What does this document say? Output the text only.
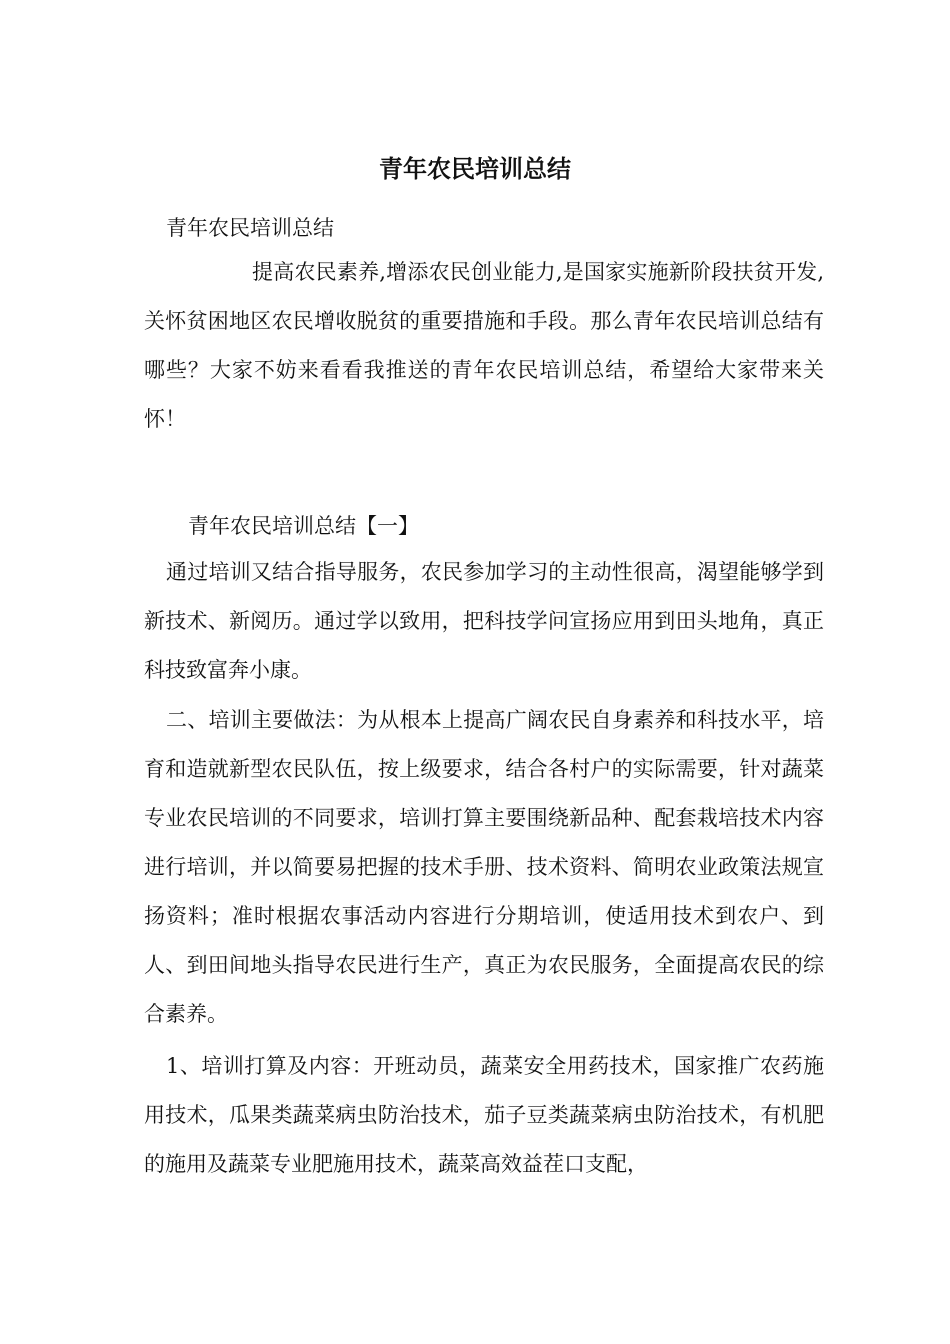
青年农民培训总结
青年农民培训总结
提高农民素养,增添农民创业能力,是国家实施新阶段扶贫开发,关怀贫困地区农民增收脱贫的重要措施和手段。那么青年农民培训总结有哪些？大家不妨来看看我推送的青年农民培训总结，希望给大家带来关怀！
青年农民培训总结【一】
通过培训又结合指导服务，农民参加学习的主动性很高，渴望能够学到新技术、新阅历。通过学以致用，把科技学问宣扬应用到田头地角，真正科技致富奔小康。
二、培训主要做法：为从根本上提高广阔农民自身素养和科技水平，培育和造就新型农民队伍，按上级要求，结合各村户的实际需要，针对蔬菜专业农民培训的不同要求，培训打算主要围绕新品种、配套栽培技术内容进行培训，并以简要易把握的技术手册、技术资料、简明农业政策法规宣扬资料；准时根据农事活动内容进行分期培训，使适用技术到农户、到人、到田间地头指导农民进行生产，真正为农民服务，全面提高农民的综合素养。
1、培训打算及内容：开班动员，蔬菜安全用药技术，国家推广农药施用技术，瓜果类蔬菜病虫防治技术，茄子豆类蔬菜病虫防治技术，有机肥的施用及蔬菜专业肥施用技术，蔬菜高效益茬口支配，
